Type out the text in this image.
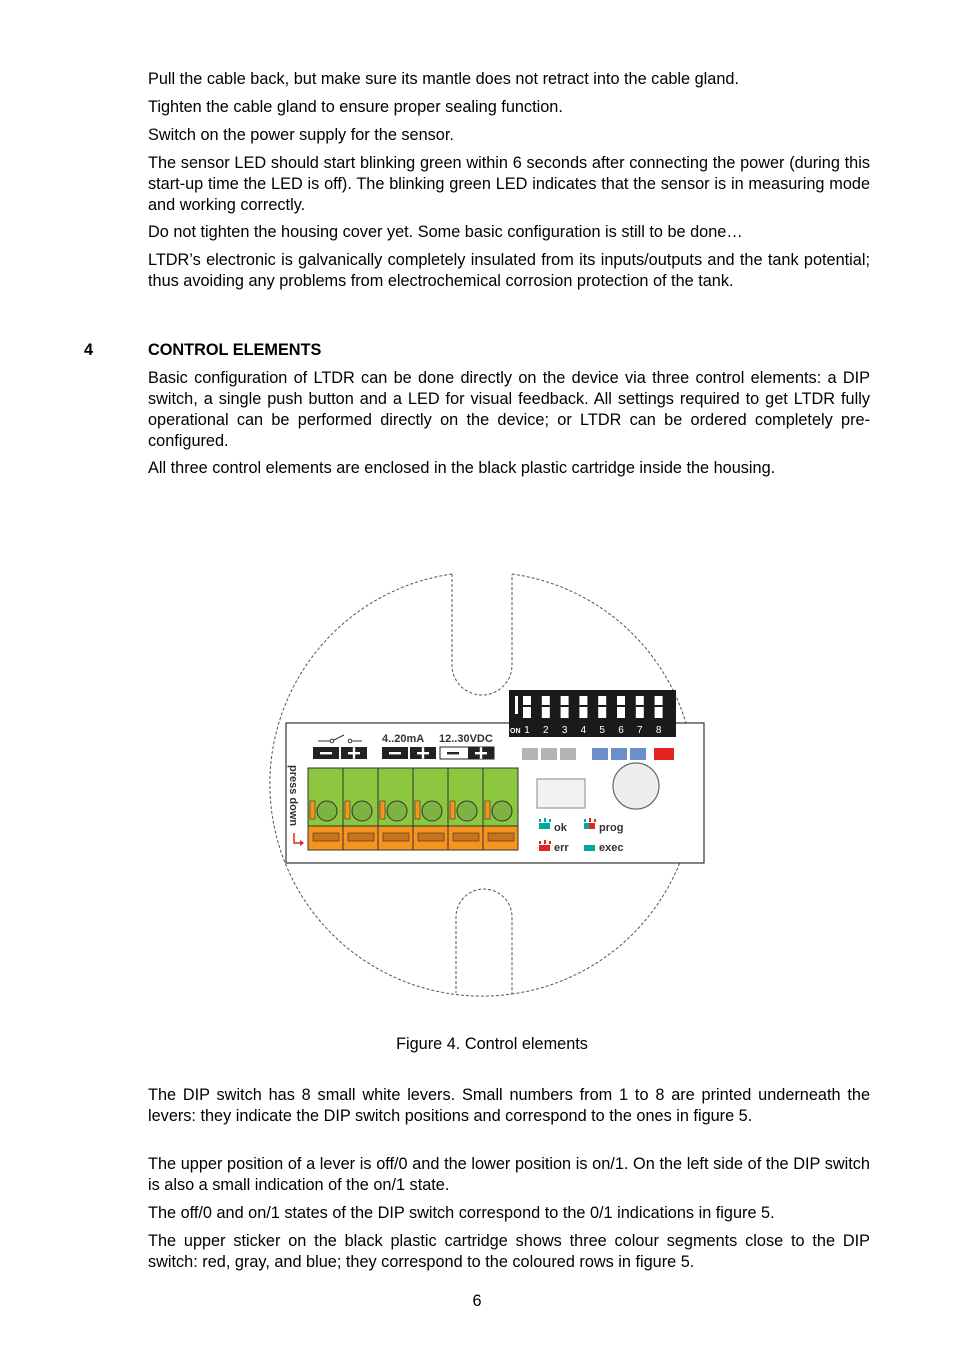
Pull the cable back, but make sure its mantle does not retract into the cable gland.

Tighten the cable gland to ensure proper sealing function.

Switch on the power supply for the sensor.

The sensor LED should start blinking green within 6 seconds after connecting the power (during this start-up time the LED is off). The blinking green LED indicates that the sensor is in measuring mode and working correctly.

Do not tighten the housing cover yet. Some basic configuration is still to be done…

LTDR’s electronic is galvanically completely insulated from its inputs/outputs and the tank potential; thus avoiding any problems from electrochemical corrosion protection of the tank.

4	CONTROL ELEMENTS

Basic configuration of LTDR can be done directly on the device via three control elements: a DIP switch, a single push button and a LED for visual feedback. All settings required to get LTDR fully operational can be performed directly on the device; or LTDR can be ordered completely pre-configured.

All three control elements are enclosed in the black plastic cartridge inside the housing.

press down
4..20mA 12..30VDC
ON 1 2 3 4 5 6 7 8
ok	prog
err	exec
Figure 4. Control elements

The DIP switch has 8 small white levers. Small numbers from 1 to 8 are printed underneath the levers: they indicate the DIP switch positions and correspond to the ones in figure 5.

The upper position of a lever is off/0 and the lower position is on/1. On the left side of the DIP switch is also a small indication of the on/1 state.

The off/0 and on/1 states of the DIP switch correspond to the 0/1 indications in figure 5.

The upper sticker on the black plastic cartridge shows three colour segments close to the DIP switch: red, gray, and blue; they correspond to the coloured rows in figure 5.

6
